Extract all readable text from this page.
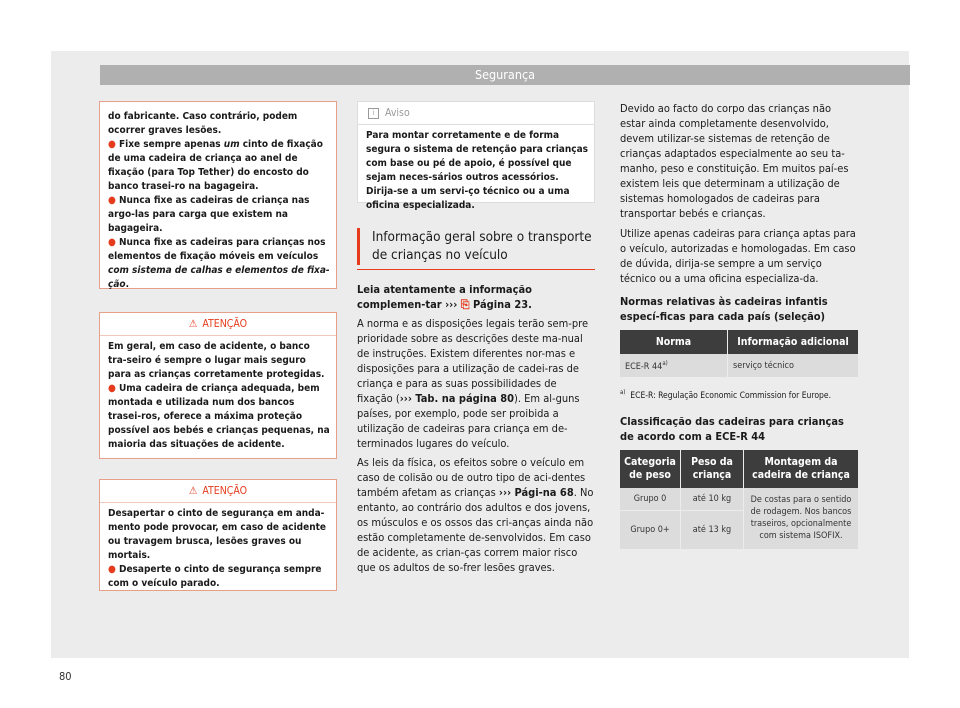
Segurança

do fabricante. Caso contrário, podem ocorrer graves lesões.

● Fixe sempre apenas um cinto de fixação de uma cadeira de criança ao anel de fixação (para Top Tether) do encosto do banco trasei-ro na bagageira.

● Nunca fixe as cadeiras de criança nas argo-las para carga que existem na bagageira.

● Nunca fixe as cadeiras para crianças nos elementos de fixação móveis em veículos com sistema de calhas e elementos de fixa-ção.

⚠ ATENÇÃO

Em geral, em caso de acidente, o banco tra-seiro é sempre o lugar mais seguro para as crianças corretamente protegidas.

● Uma cadeira de criança adequada, bem montada e utilizada num dos bancos trasei-ros, oferece a máxima proteção possível aos bebés e crianças pequenas, na maioria das situações de acidente.

⚠ ATENÇÃO

Desapertar o cinto de segurança em anda-mento pode provocar, em caso de acidente ou travagem brusca, lesões graves ou mortais.

● Desaperte o cinto de segurança sempre com o veículo parado.

i	Aviso

Para montar corretamente e de forma segura o sistema de retenção para crianças com base ou pé de apoio, é possível que sejam neces-sários outros acessórios. Dirija-se a um servi-ço técnico ou a uma oficina especializada.

Informação geral sobre o transporte de crianças no veículo

Leia atentamente a informação complemen-tar ››› ⎘ Página 23.

A norma e as disposições legais terão sem-pre prioridade sobre as descrições deste ma-nual de instruções. Existem diferentes nor-mas e disposições para a utilização de cadei-ras de criança e para as suas possibilidades de fixação (››› Tab. na página 80). Em al-guns países, por exemplo, pode ser proibida a utilização de cadeiras para criança em de-terminados lugares do veículo.

As leis da física, os efeitos sobre o veículo em caso de colisão ou de outro tipo de aci-dentes também afetam as crianças ››› Pági-na 68. No entanto, ao contrário dos adultos e dos jovens, os músculos e os ossos das cri-anças ainda não estão completamente de-senvolvidos. Em caso de acidente, as crian-ças correm maior risco que os adultos de so-frer lesões graves.

Devido ao facto do corpo das crianças não estar ainda completamente desenvolvido, devem utilizar-se sistemas de retenção de crianças adaptados especialmente ao seu ta-manho, peso e constituição. Em muitos paí-es existem leis que determinam a utilização de sistemas homologados de cadeiras para transportar bebés e crianças.

Utilize apenas cadeiras para criança aptas para o veículo, autorizadas e homologadas. Em caso de dúvida, dirija-se sempre a um serviço técnico ou a uma oficina especializa-da.

Normas relativas às cadeiras infantis especí-ficas para cada país (seleção)

Norma	Informação adicional
ECE-R 44$^{a)}$	serviço técnico

$^{a)}$ ECE-R: Regulação Economic Commission for Europe.

Classificação das cadeiras para crianças de acordo com a ECE-R 44

Categoria de peso	Peso da criança	Montagem da cadeira de criança
Grupo 0	até 10 kg	De costas para o sentido de rodagem. Nos bancos traseiros, opcionalmente com sistema ISOFIX.
Grupo 0+	até 13 kg	
80
